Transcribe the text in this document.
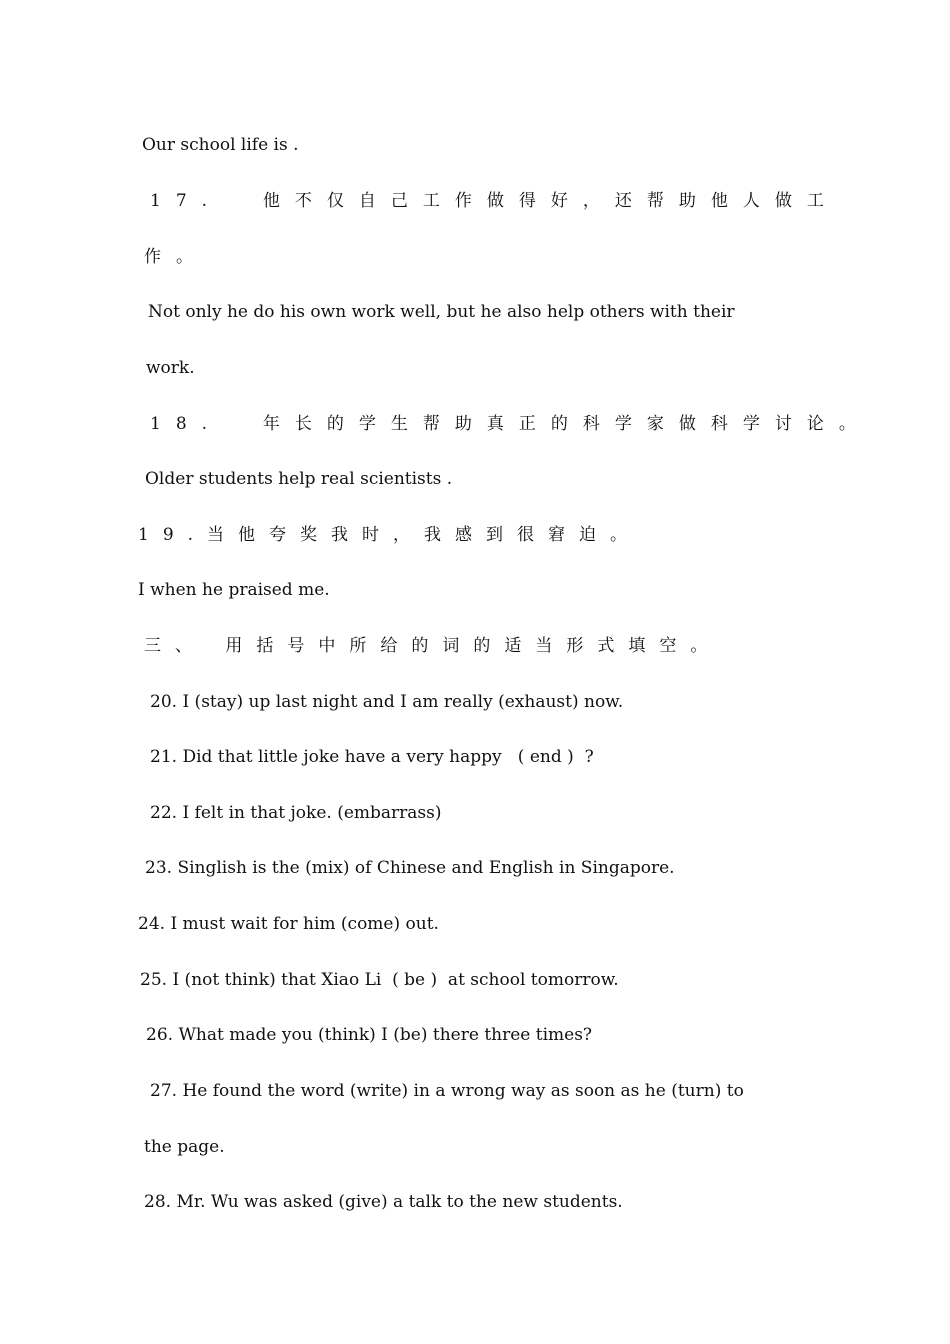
Our school life is .
17.  他不仅自己工作做得好，还帮助他人做工
作。
Not only he do his own work well, but he also help others with their
work.
18.  年长的学生帮助真正的科学家做科学讨论。
Older students help real scientists .
19.当他夸奖我时，我感到很窘迫。
I when he praised me.
三、 用括号中所给的词的适当形式填空。
20. I (stay) up last night and I am really (exhaust) now.
21. Did that little joke have a very happy   ( end )  ?
22. I felt in that joke. (embarrass)
23. Singlish is the (mix) of Chinese and English in Singapore.
24. I must wait for him (come) out.
25. I (not think) that Xiao Li  ( be )  at school tomorrow.
26. What made you (think) I (be) there three times?
27. He found the word (write) in a wrong way as soon as he (turn) to
the page.
28. Mr. Wu was asked (give) a talk to the new students.
